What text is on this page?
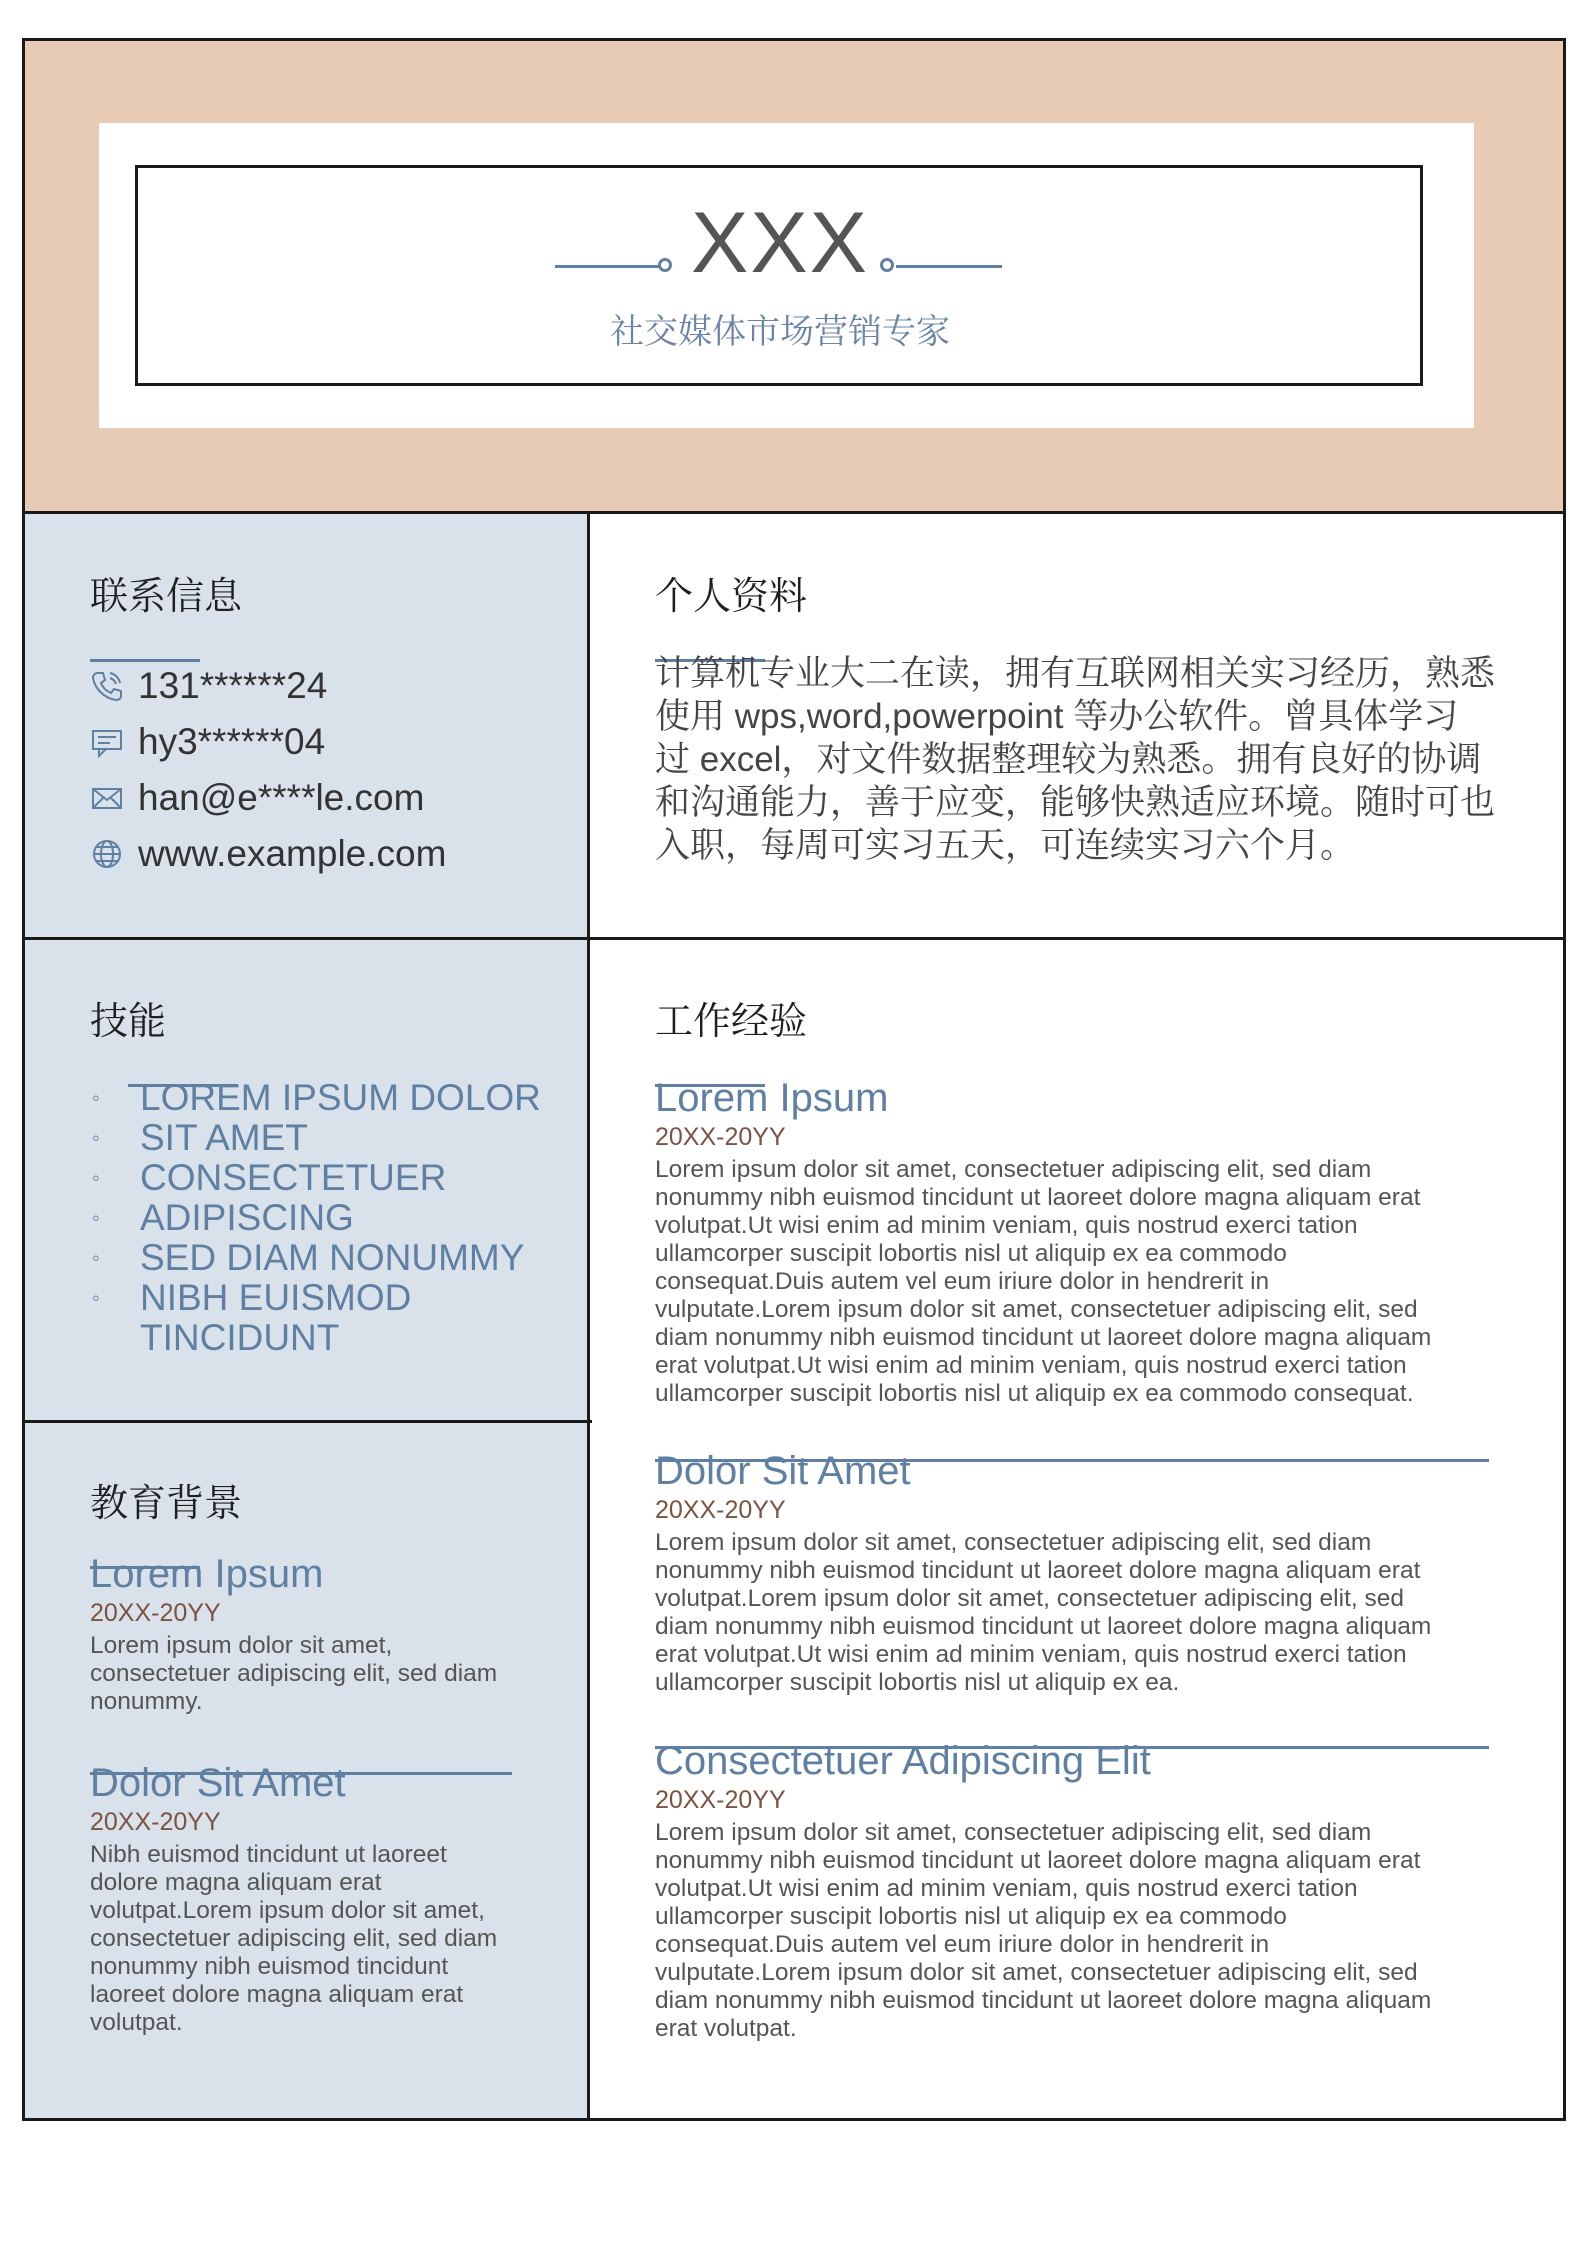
XXX
社交媒体市场营销专家
联系信息
131******24
hy3******04
han@e****le.com
www.example.com
个人资料
计算机专业大二在读，拥有互联网相关实习经历，熟悉
使用 wps,word,powerpoint 等办公软件。曾具体学习
过 excel，对文件数据整理较为熟悉。拥有良好的协调
和沟通能力，善于应变，能够快熟适应环境。随时可也
入职，每周可实习五天，可连续实习六个月。
技能
◦	LOREM IPSUM DOLOR
◦	SIT AMET
◦	CONSECTETUER
◦	ADIPISCING
◦	SED DIAM NONUMMY
◦	NIBH EUISMOD TINCIDUNT
教育背景
Lorem Ipsum
20XX-20YY
Lorem ipsum dolor sit amet,
consectetuer adipiscing elit, sed diam
nonummy.
Dolor Sit Amet
20XX-20YY
Nibh euismod tincidunt ut laoreet
dolore magna aliquam erat
volutpat.Lorem ipsum dolor sit amet,
consectetuer adipiscing elit, sed diam
nonummy nibh euismod tincidunt
laoreet dolore magna aliquam erat
volutpat.
工作经验
Lorem Ipsum
20XX-20YY
Lorem ipsum dolor sit amet, consectetuer adipiscing elit, sed diam
nonummy nibh euismod tincidunt ut laoreet dolore magna aliquam erat
volutpat.Ut wisi enim ad minim veniam, quis nostrud exerci tation
ullamcorper suscipit lobortis nisl ut aliquip ex ea commodo
consequat.Duis autem vel eum iriure dolor in hendrerit in
vulputate.Lorem ipsum dolor sit amet, consectetuer adipiscing elit, sed
diam nonummy nibh euismod tincidunt ut laoreet dolore magna aliquam
erat volutpat.Ut wisi enim ad minim veniam, quis nostrud exerci tation
ullamcorper suscipit lobortis nisl ut aliquip ex ea commodo consequat.
Dolor Sit Amet
20XX-20YY
Lorem ipsum dolor sit amet, consectetuer adipiscing elit, sed diam
nonummy nibh euismod tincidunt ut laoreet dolore magna aliquam erat
volutpat.Lorem ipsum dolor sit amet, consectetuer adipiscing elit, sed
diam nonummy nibh euismod tincidunt ut laoreet dolore magna aliquam
erat volutpat.Ut wisi enim ad minim veniam, quis nostrud exerci tation
ullamcorper suscipit lobortis nisl ut aliquip ex ea.
Consectetuer Adipiscing Elit
20XX-20YY
Lorem ipsum dolor sit amet, consectetuer adipiscing elit, sed diam
nonummy nibh euismod tincidunt ut laoreet dolore magna aliquam erat
volutpat.Ut wisi enim ad minim veniam, quis nostrud exerci tation
ullamcorper suscipit lobortis nisl ut aliquip ex ea commodo
consequat.Duis autem vel eum iriure dolor in hendrerit in
vulputate.Lorem ipsum dolor sit amet, consectetuer adipiscing elit, sed
diam nonummy nibh euismod tincidunt ut laoreet dolore magna aliquam
erat volutpat.
